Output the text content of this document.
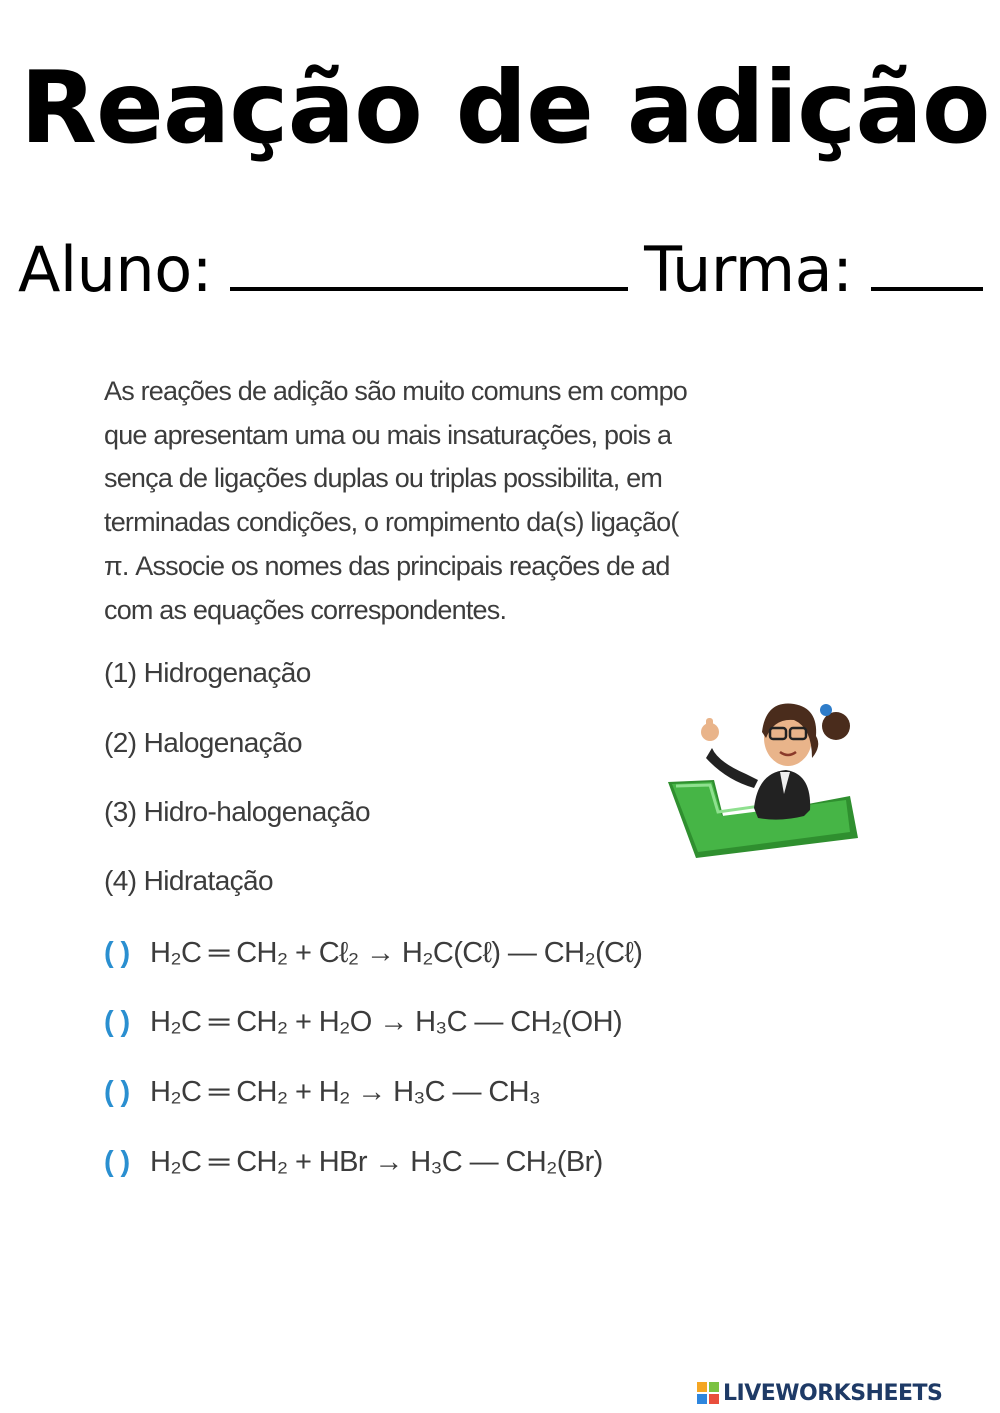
Reação de adição
Aluno:	Turma:
As reações de adição são muito comuns em compo
que apresentam uma ou mais insaturações, pois a
sença de ligações duplas ou triplas possibilita, em
terminadas condições, o rompimento da(s) ligação(
π. Associe os nomes das principais reações de ad
com as equações correspondentes.
(1) Hidrogenação
(2) Halogenação
(3) Hidro-halogenação
(4) Hidratação
( ) H₂C ═ CH₂ + Cℓ₂ → H₂C(Cℓ) — CH₂(Cℓ)
( ) H₂C ═ CH₂ + H₂O → H₃C — CH₂(OH)
( ) H₂C ═ CH₂ + H₂ → H₃C — CH₃
( ) H₂C ═ CH₂ + HBr → H₃C — CH₂(Br)
LIVEWORKSHEETS
